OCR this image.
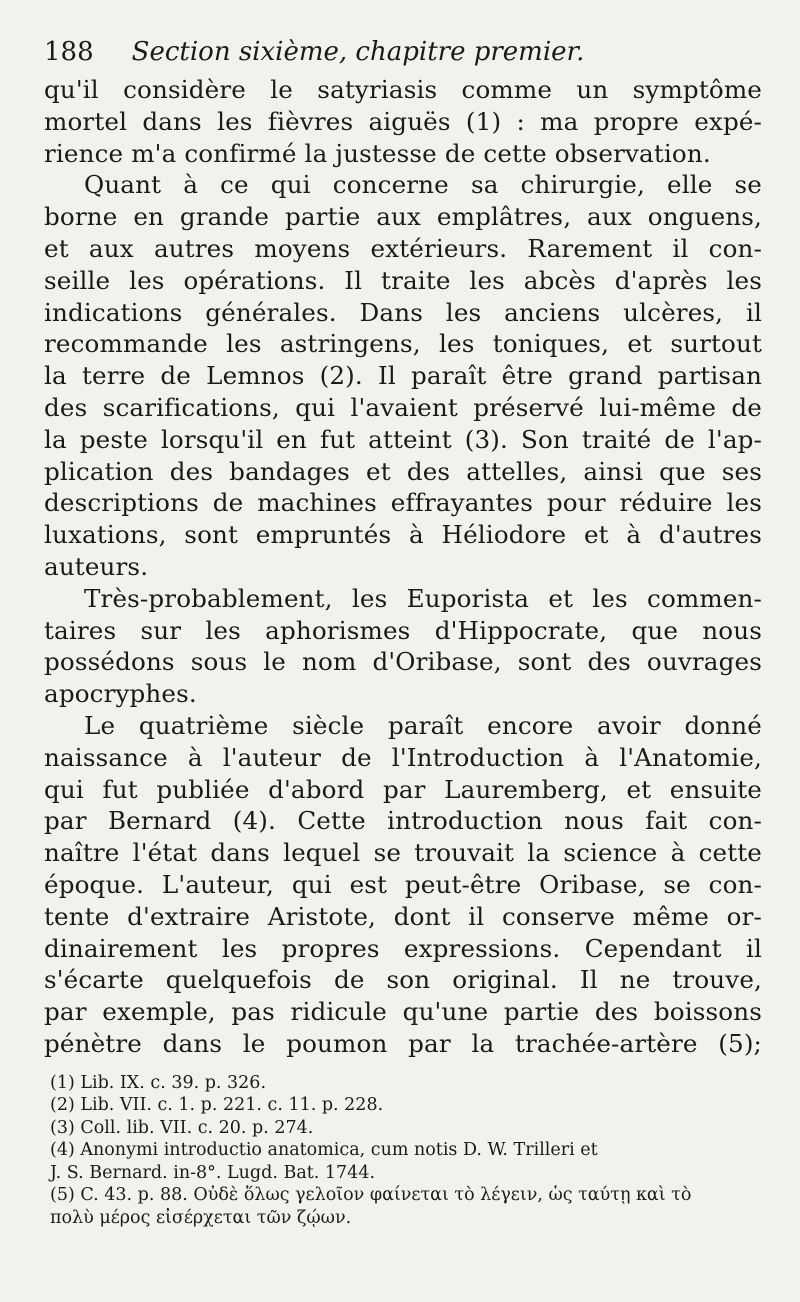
188 Section sixième, chapitre premier.
qu'il considère le satyriasis comme un symptôme
mortel dans les fièvres aiguës (1) : ma propre expé-
rience m'a confirmé la justesse de cette observation.
Quant à ce qui concerne sa chirurgie, elle se
borne en grande partie aux emplâtres, aux onguens,
et aux autres moyens extérieurs. Rarement il con-
seille les opérations. Il traite les abcès d'après les
indications générales. Dans les anciens ulcères, il
recommande les astringens, les toniques, et surtout
la terre de Lemnos (2). Il paraît être grand partisan
des scarifications, qui l'avaient préservé lui-même de
la peste lorsqu'il en fut atteint (3). Son traité de l'ap-
plication des bandages et des attelles, ainsi que ses
descriptions de machines effrayantes pour réduire les
luxations, sont empruntés à Héliodore et à d'autres
auteurs.
Très-probablement, les Euporista et les commen-
taires sur les aphorismes d'Hippocrate, que nous
possédons sous le nom d'Oribase, sont des ouvrages
apocryphes.
Le quatrième siècle paraît encore avoir donné
naissance à l'auteur de l'Introduction à l'Anatomie,
qui fut publiée d'abord par Lauremberg, et ensuite
par Bernard (4). Cette introduction nous fait con-
naître l'état dans lequel se trouvait la science à cette
époque. L'auteur, qui est peut-être Oribase, se con-
tente d'extraire Aristote, dont il conserve même or-
dinairement les propres expressions. Cependant il
s'écarte quelquefois de son original. Il ne trouve,
par exemple, pas ridicule qu'une partie des boissons
pénètre dans le poumon par la trachée-artère (5);
(1) Lib. IX. c. 39. p. 326.
(2) Lib. VII. c. 1. p. 221. c. 11. p. 228.
(3) Coll. lib. VII. c. 20. p. 274.
(4) Anonymi introductio anatomica, cum notis D. W. Trilleri et
J. S. Bernard. in-8°. Lugd. Bat. 1744.
(5) C. 43. p. 88. Οὐδὲ ὅλως γελοῖον φαίνεται τὸ λέγειν, ὡς ταύτῃ καὶ τὸ
πολὺ μέρος εἰσέρχεται τῶν ζῴων.
